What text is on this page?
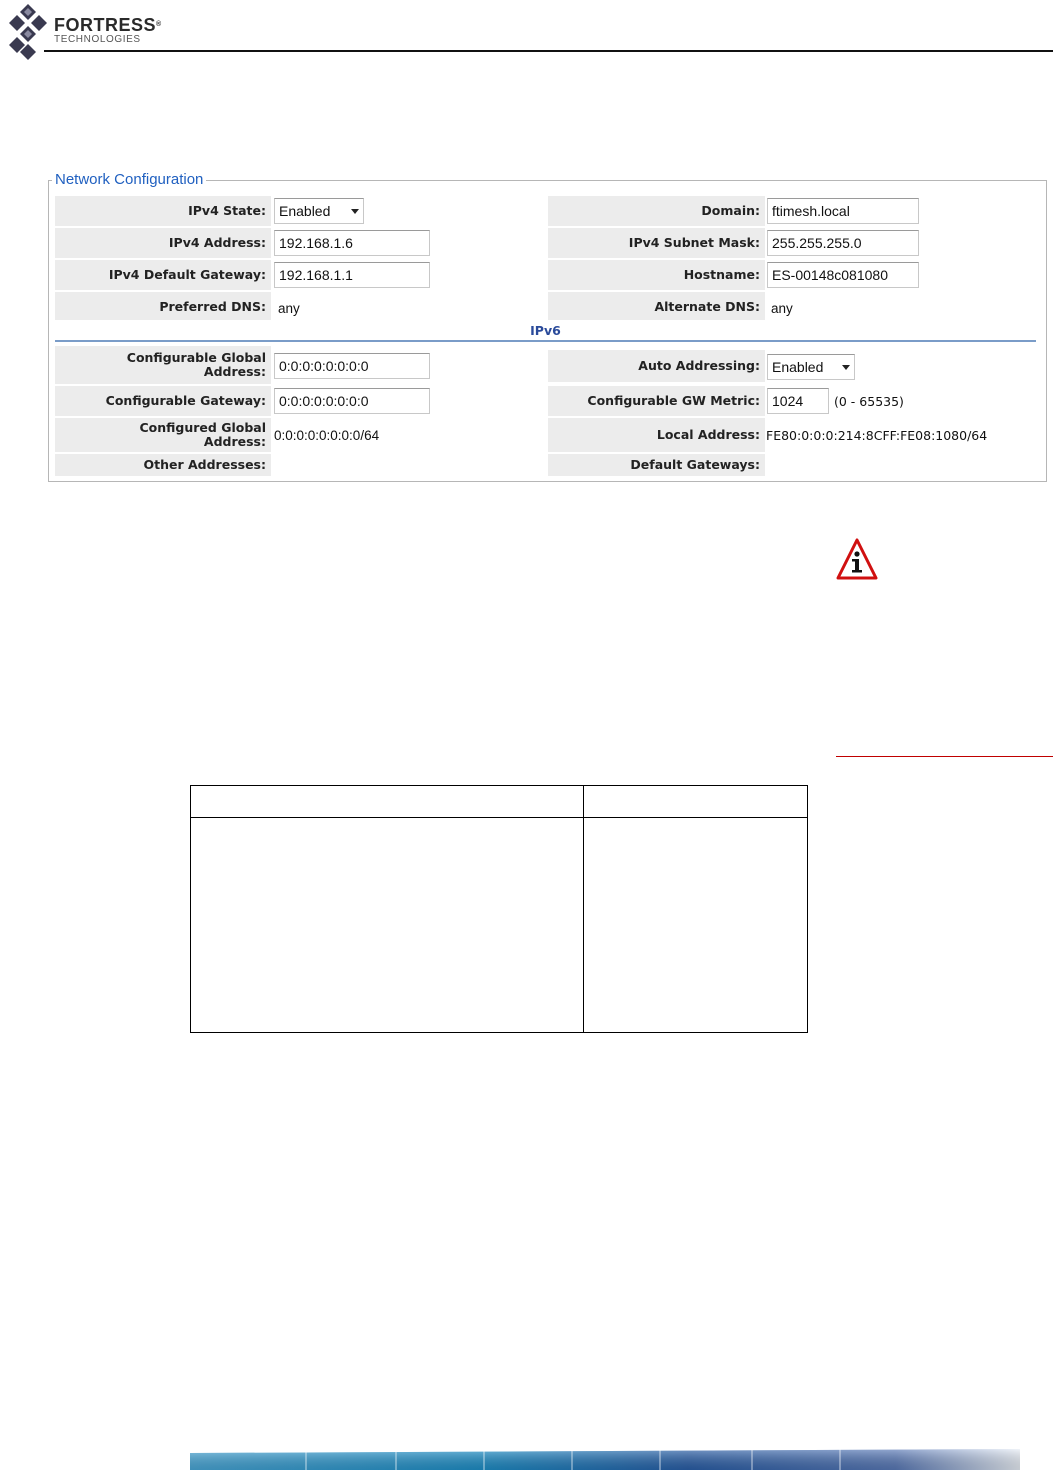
FORTRESS®
TECHNOLOGIES
Network Configuration
IPv4 State: Enabled
IPv4 Address: 192.168.1.6
IPv4 Default Gateway: 192.168.1.1
Preferred DNS: any
Domain: ftimesh.local
IPv4 Subnet Mask: 255.255.255.0
Hostname: ES-00148c081080
Alternate DNS: any
IPv6
Configurable Global
Address: 0:0:0:0:0:0:0:0
Configurable Gateway: 0:0:0:0:0:0:0:0
Configured Global
Address: 0:0:0:0:0:0:0:0/64
Other Addresses:
Auto Addressing: Enabled
Configurable GW Metric: 1024	(0 - 65535)
Local Address: FE80:0:0:0:214:8CFF:FE08:1080/64
Default Gateways:
